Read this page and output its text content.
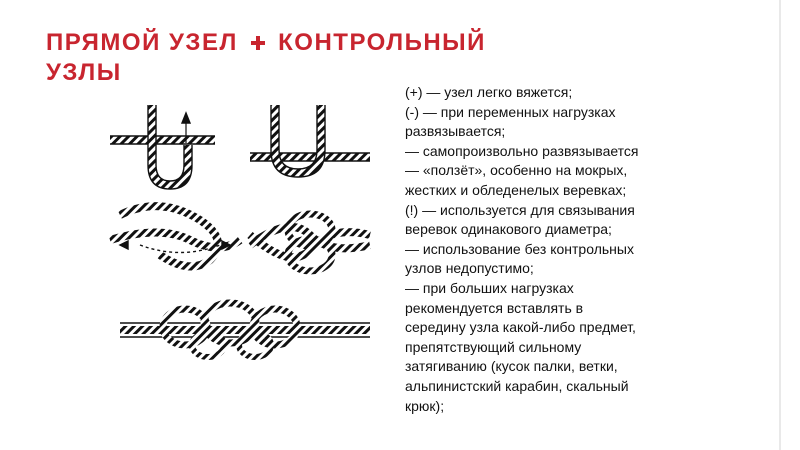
ПРЯМОЙ УЗЕЛ КОНТРОЛЬНЫЙ
УЗЛЫ
(+) — узел легко вяжется;
(-) — при переменных нагрузках
развязывается;
— самопроизвольно развязывается
— «ползёт», особенно на мокрых,
жестких и обледенелых веревках;
(!) — используется для связывания
веревок одинакового диаметра;
— использование без контрольных
узлов недопустимо;
— при больших нагрузках
рекомендуется вставлять в
середину узла какой-либо предмет,
препятствующий сильному
затягиванию (кусок палки, ветки,
альпинистский карабин, скальный
крюк);
